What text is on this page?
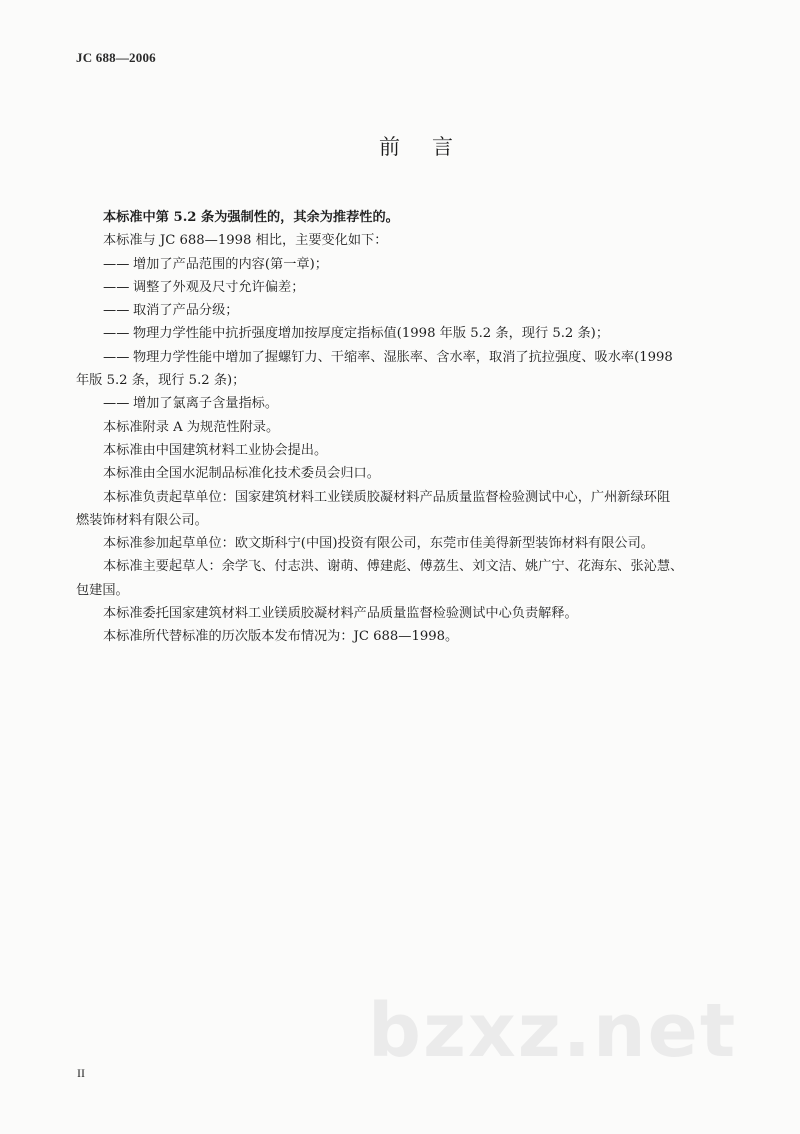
JC 688—2006
前言
本标准中第 5.2 条为强制性的，其余为推荐性的。
本标准与 JC 688—1998 相比，主要变化如下：
—— 增加了产品范围的内容(第一章)；
—— 调整了外观及尺寸允许偏差；
—— 取消了产品分级；
—— 物理力学性能中抗折强度增加按厚度定指标值(1998 年版 5.2 条，现行 5.2 条)；
—— 物理力学性能中增加了握螺钉力、干缩率、湿胀率、含水率，取消了抗拉强度、吸水率(1998
年版 5.2 条，现行 5.2 条)；
—— 增加了氯离子含量指标。
本标准附录 A 为规范性附录。
本标准由中国建筑材料工业协会提出。
本标准由全国水泥制品标准化技术委员会归口。
本标准负责起草单位：国家建筑材料工业镁质胶凝材料产品质量监督检验测试中心，广州新绿环阻
燃装饰材料有限公司。
本标准参加起草单位：欧文斯科宁(中国)投资有限公司，东莞市佳美得新型装饰材料有限公司。
本标准主要起草人：余学飞、付志洪、谢萌、傅建彪、傅荔生、刘文洁、姚广宁、花海东、张沁慧、
包建国。
本标准委托国家建筑材料工业镁质胶凝材料产品质量监督检验测试中心负责解释。
本标准所代替标准的历次版本发布情况为：JC 688—1998。
bzxz.net
II
